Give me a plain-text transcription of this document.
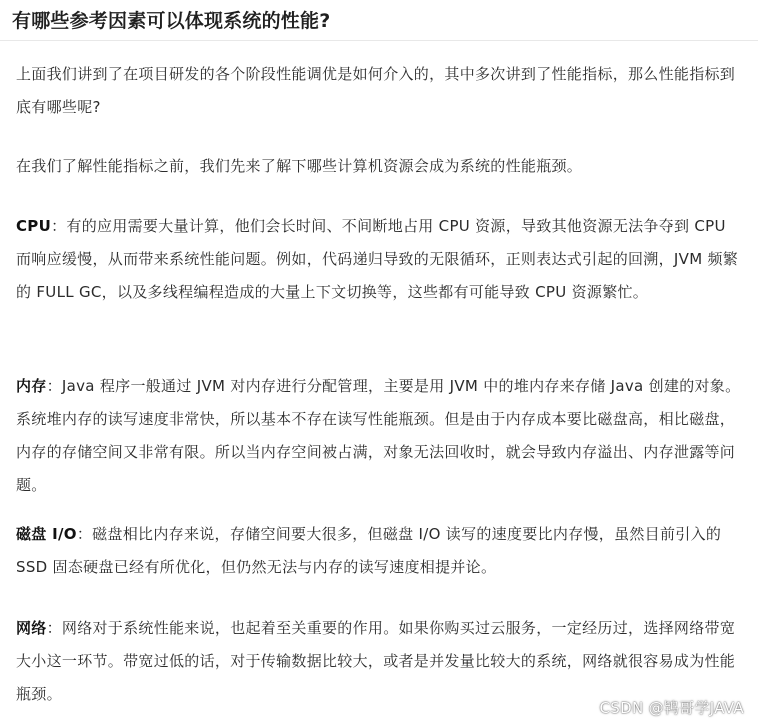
有哪些参考因素可以体现系统的性能?

上面我们讲到了在项目研发的各个阶段性能调优是如何介入的，其中多次讲到了性能指标，那么性能指标到底有哪些呢?

在我们了解性能指标之前，我们先来了解下哪些计算机资源会成为系统的性能瓶颈。

CPU：有的应用需要大量计算，他们会长时间、不间断地占用 CPU 资源，导致其他资源无法争夺到 CPU 而响应缓慢，从而带来系统性能问题。例如，代码递归导致的无限循环，正则表达式引起的回溯，JVM 频繁的 FULL GC，以及多线程编程造成的大量上下文切换等，这些都有可能导致 CPU 资源繁忙。

内存：Java 程序一般通过 JVM 对内存进行分配管理，主要是用 JVM 中的堆内存来存储 Java 创建的对象。系统堆内存的读写速度非常快，所以基本不存在读写性能瓶颈。但是由于内存成本要比磁盘高，相比磁盘，内存的存储空间又非常有限。所以当内存空间被占满，对象无法回收时，就会导致内存溢出、内存泄露等问题。

磁盘 I/O：磁盘相比内存来说，存储空间要大很多，但磁盘 I/O 读写的速度要比内存慢，虽然目前引入的 SSD 固态硬盘已经有所优化，但仍然无法与内存的读写速度相提并论。

网络：网络对于系统性能来说，也起着至关重要的作用。如果你购买过云服务，一定经历过，选择网络带宽大小这一环节。带宽过低的话，对于传输数据比较大，或者是并发量比较大的系统，网络就很容易成为性能瓶颈。

CSDN @鸨哥学JAVA
